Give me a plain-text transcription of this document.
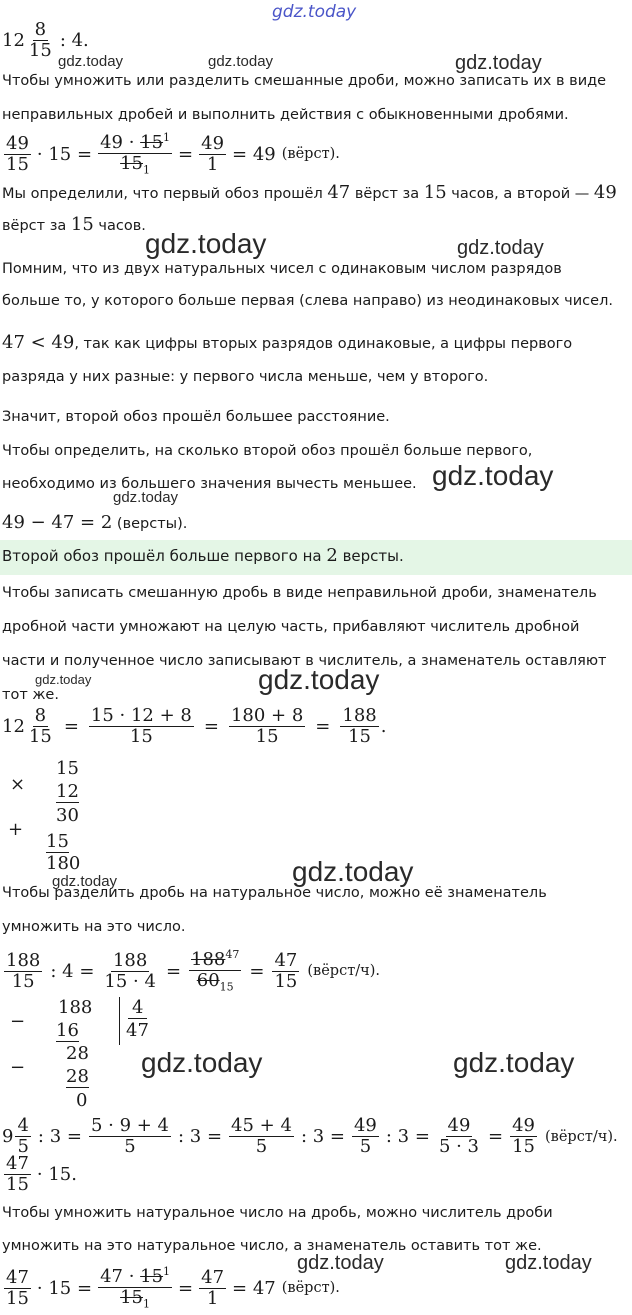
gdz.today
$12 \frac{8}{15}$ : 4.
gdz.today	gdz.today	gdz.today
Чтобы умножить или разделить смешанные дроби, можно записать их в виде
неправильных дробей и выполнить действия с обыкновенными дробями.
$\frac{49}{15} \cdot 15 = \frac{49 \cdot 15^1}{15_1} = \frac{49}{1} = 49$ (вёрст).
Мы определили, что первый обоз прошёл 47 вёрст за 15 часов, а второй — 49
вёрст за 15 часов.
gdz.today	gdz.today
Помним, что из двух натуральных чисел с одинаковым числом разрядов
больше то, у которого больше первая (слева направо) из неодинаковых чисел.
47 < 49, так как цифры вторых разрядов одинаковые, а цифры первого
разряда у них разные: у первого числа меньше, чем у второго.
Значит, второй обоз прошёл большее расстояние.
Чтобы определить, на сколько второй обоз прошёл больше первого,
необходимо из большего значения вычесть меньшее. gdz.today
gdz.today
49 − 47 = 2 (версты).
Второй обоз прошёл больше первого на 2 версты.
Чтобы записать смешанную дробь в виде неправильной дроби, знаменатель
дробной части умножают на целую часть, прибавляют числитель дробной
части и полученное число записывают в числитель, а знаменатель оставляют
тот же.
gdz.today	gdz.today
$12 \frac{8}{15} = \frac{15 \cdot 12 + 8}{15} = \frac{180 + 8}{15} = \frac{188}{15}$ .
×
15
12
30
+
15
180
gdz.today	gdz.today
Чтобы разделить дробь на натуральное число, можно её знаменатель
умножить на это число.
$\frac{188}{15}$ : $4 = \frac{188}{15 \cdot 4} = \frac{188^{47}}{60_{15}} = \frac{47}{15}$ (вёрст/ч).
−
188
16
−
28
28
0
4
47
gdz.today	gdz.today
$9 \frac{4}{5}$ : $3 = \frac{5 \cdot 9 + 4}{5}$ : $3 = \frac{45 + 4}{5}$ : $3 = \frac{49}{5}$ : $3 = \frac{49}{5 \cdot 3} = \frac{49}{15}$ (вёрст/ч).
$\frac{47}{15} \cdot 15$.
Чтобы умножить натуральное число на дробь, можно числитель дроби
умножить на это натуральное число, а знаменатель оставить тот же.
gdz.today	gdz.today
$\frac{47}{15} \cdot 15 = \frac{47 \cdot 15^1}{15_1} = \frac{47}{1} = 47$ (вёрст).
